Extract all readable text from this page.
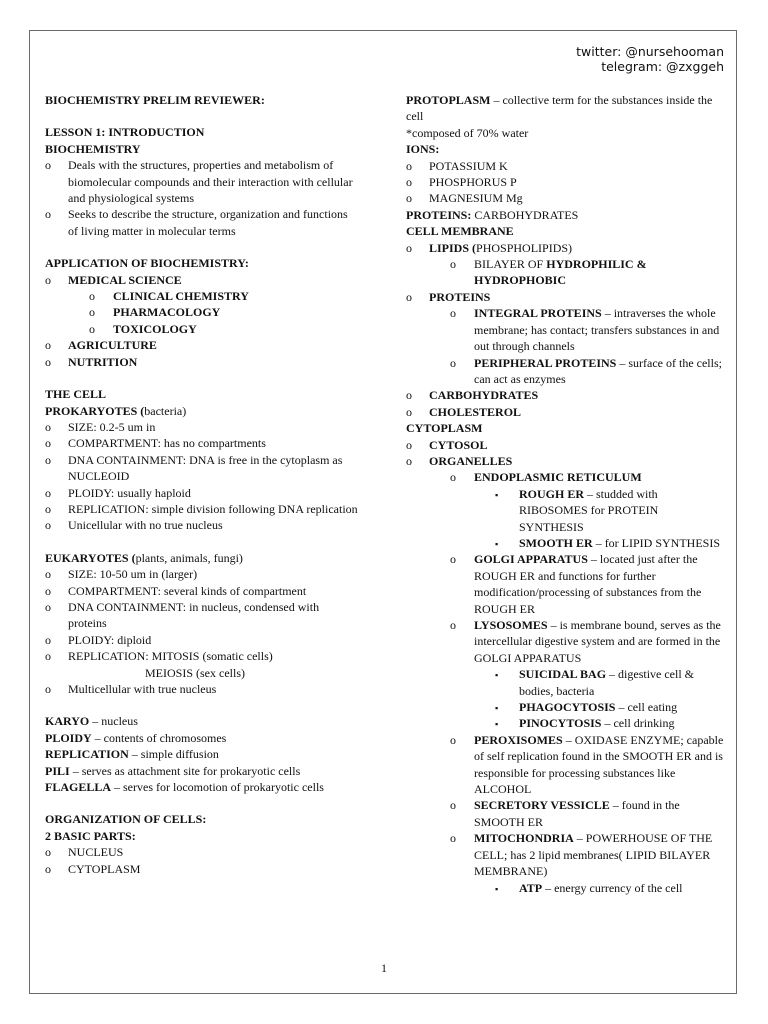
twitter: @nursehooman
telegram: @zxggeh
BIOCHEMISTRY PRELIM REVIEWER:
LESSON 1: INTRODUCTION
BIOCHEMISTRY
o Deals with the structures, properties and metabolism of biomolecular compounds and their interaction with cellular and physiological systems
o Seeks to describe the structure, organization and functions of living matter in molecular terms
APPLICATION OF BIOCHEMISTRY:
o MEDICAL SCIENCE
o CLINICAL CHEMISTRY
o PHARMACOLOGY
o TOXICOLOGY
o AGRICULTURE
o NUTRITION
THE CELL
PROKARYOTES (bacteria)
o SIZE: 0.2-5 um in
o COMPARTMENT: has no compartments
o DNA CONTAINMENT: DNA is free in the cytoplasm as NUCLEOID
o PLOIDY: usually haploid
o REPLICATION: simple division following DNA replication
o Unicellular with no true nucleus
EUKARYOTES (plants, animals, fungi)
o SIZE: 10-50 um in (larger)
o COMPARTMENT: several kinds of compartment
o DNA CONTAINMENT: in nucleus, condensed with proteins
o PLOIDY: diploid
o REPLICATION: MITOSIS (somatic cells)
MEIOSIS (sex cells)
o Multicellular with true nucleus
KARYO – nucleus
PLOIDY – contents of chromosomes
REPLICATION – simple diffusion
PILI – serves as attachment site for prokaryotic cells
FLAGELLA – serves for locomotion of prokaryotic cells
ORGANIZATION OF CELLS:
2 BASIC PARTS:
o NUCLEUS
o CYTOPLASM
PROTOPLASM – collective term for the substances inside the cell
*composed of 70% water
IONS:
o POTASSIUM K
o PHOSPHORUS P
o MAGNESIUM Mg
PROTEINS: CARBOHYDRATES
CELL MEMBRANE
o LIPIDS (PHOSPHOLIPIDS)
o BILAYER OF HYDROPHILIC & HYDROPHOBIC
o PROTEINS
o INTEGRAL PROTEINS – intraverses the whole membrane; has contact; transfers substances in and out through channels
o PERIPHERAL PROTEINS – surface of the cells; can act as enzymes
o CARBOHYDRATES
o CHOLESTEROL
CYTOPLASM
o CYTOSOL
o ORGANELLES
o ENDOPLASMIC RETICULUM
▪ ROUGH ER – studded with RIBOSOMES for PROTEIN SYNTHESIS
▪ SMOOTH ER – for LIPID SYNTHESIS
o GOLGI APPARATUS – located just after the ROUGH ER and functions for further modification/processing of substances from the ROUGH ER
o LYSOSOMES – is membrane bound, serves as the intercellular digestive system and are formed in the GOLGI APPARATUS
▪ SUICIDAL BAG – digestive cell & bodies, bacteria
▪ PHAGOCYTOSIS – cell eating
▪ PINOCYTOSIS – cell drinking
o PEROXISOMES – OXIDASE ENZYME; capable of self replication found in the SMOOTH ER and is responsible for processing substances like ALCOHOL
o SECRETORY VESSICLE – found in the SMOOTH ER
o MITOCHONDRIA – POWERHOUSE OF THE CELL; has 2 lipid membranes( LIPID BILAYER MEMBRANE)
▪ ATP – energy currency of the cell
1
